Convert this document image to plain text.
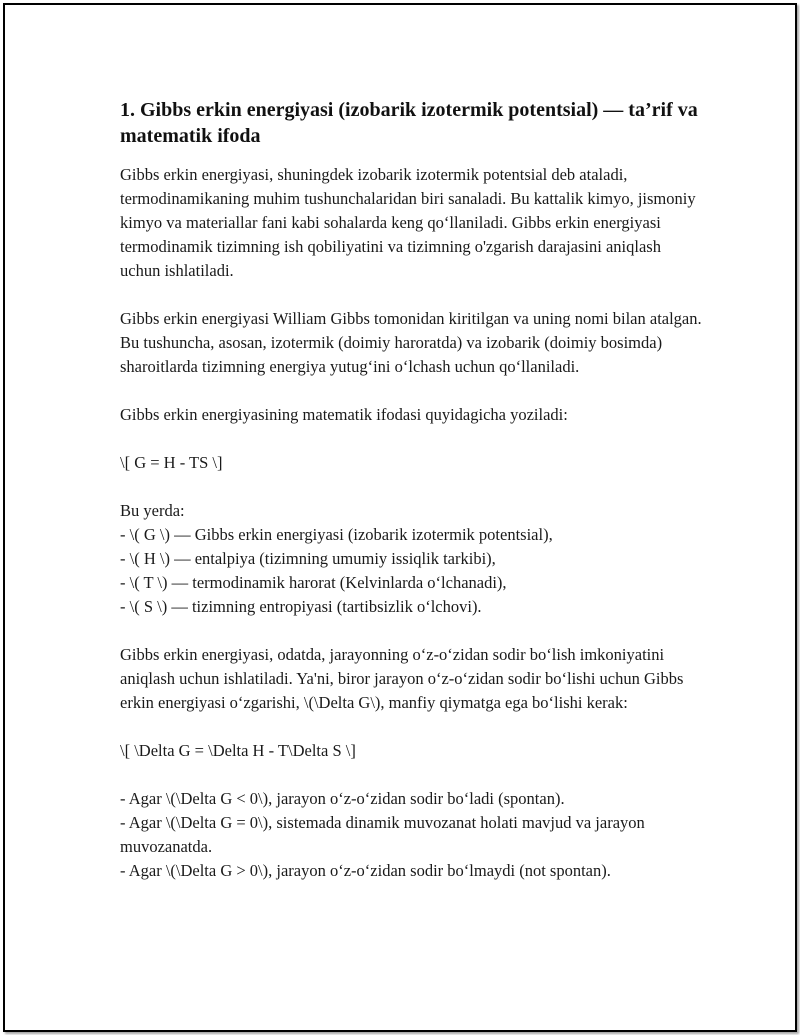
1. Gibbs erkin energiyasi (izobarik izotermik potentsial) — ta’rif va matematik ifoda

Gibbs erkin energiyasi, shuningdek izobarik izotermik potentsial deb ataladi, termodinamikaning muhim tushunchalaridan biri sanaladi. Bu kattalik kimyo, jismoniy kimyo va materiallar fani kabi sohalarda keng qo‘llaniladi. Gibbs erkin energiyasi termodinamik tizimning ish qobiliyatini va tizimning o'zgarish darajasini aniqlash uchun ishlatiladi.

Gibbs erkin energiyasi William Gibbs tomonidan kiritilgan va uning nomi bilan atalgan. Bu tushuncha, asosan, izotermik (doimiy haroratda) va izobarik (doimiy bosimda) sharoitlarda tizimning energiya yutug‘ini o‘lchash uchun qo‘llaniladi.

Gibbs erkin energiyasining matematik ifodasi quyidagicha yoziladi:

\[ G = H - TS \]

Bu yerda:
- \( G \) — Gibbs erkin energiyasi (izobarik izotermik potentsial),
- \( H \) — entalpiya (tizimning umumiy issiqlik tarkibi),
- \( T \) — termodinamik harorat (Kelvinlarda o‘lchanadi),
- \( S \) — tizimning entropiyasi (tartibsizlik o‘lchovi).

Gibbs erkin energiyasi, odatda, jarayonning o‘z-o‘zidan sodir bo‘lish imkoniyatini aniqlash uchun ishlatiladi. Ya'ni, biror jarayon o‘z-o‘zidan sodir bo‘lishi uchun Gibbs erkin energiyasi o‘zgarishi, \(\Delta G\), manfiy qiymatga ega bo‘lishi kerak:

\[ \Delta G = \Delta H - T\Delta S \]

- Agar \(\Delta G < 0\), jarayon o‘z-o‘zidan sodir bo‘ladi (spontan).
- Agar \(\Delta G = 0\), sistemada dinamik muvozanat holati mavjud va jarayon muvozanatda.
- Agar \(\Delta G > 0\), jarayon o‘z-o‘zidan sodir bo‘lmaydi (not spontan).
